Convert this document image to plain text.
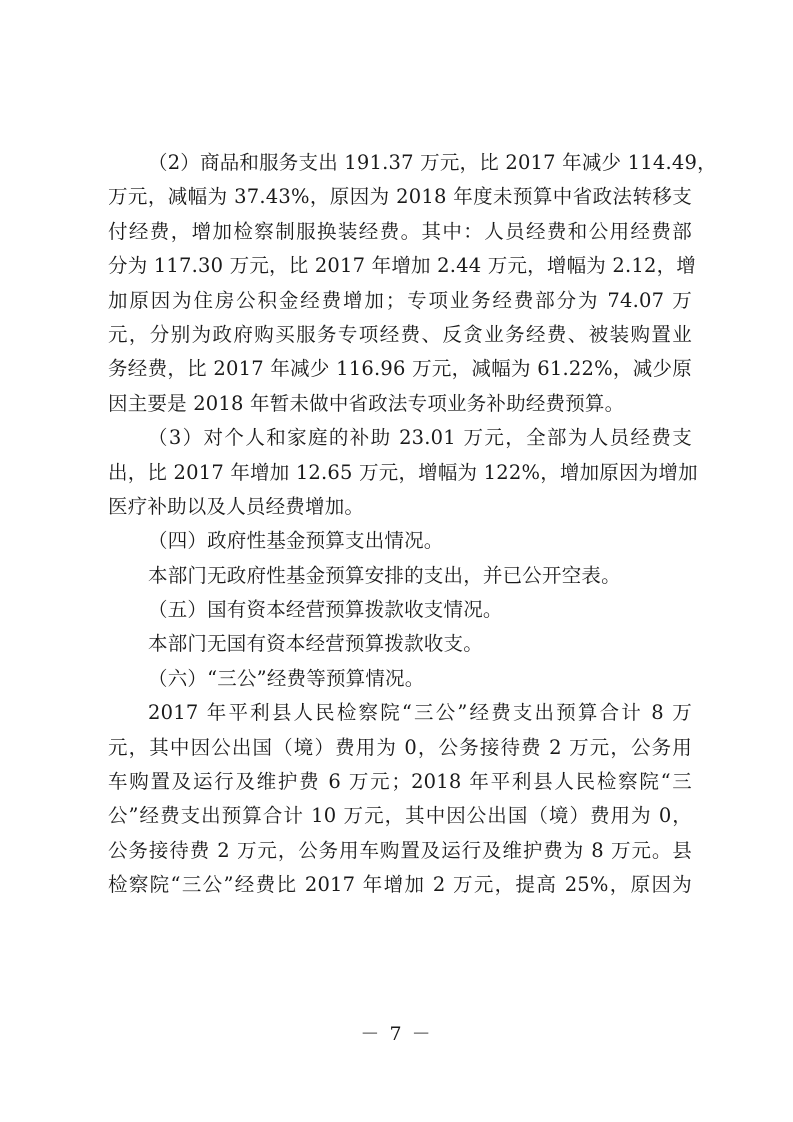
（2）商品和服务支出 191.37 万元，比 2017 年减少 114.49，
万元，减幅为 37.43%，原因为 2018 年度未预算中省政法转移支
付经费，增加检察制服换装经费。其中：人员经费和公用经费部
分为 117.30 万元，比 2017 年增加 2.44 万元，增幅为 2.12，增
加原因为住房公积金经费增加；专项业务经费部分为 74.07 万
元，分别为政府购买服务专项经费、反贪业务经费、被装购置业
务经费，比 2017 年减少 116.96 万元，减幅为 61.22%，减少原
因主要是 2018 年暂未做中省政法专项业务补助经费预算。
（3）对个人和家庭的补助 23.01 万元，全部为人员经费支
出，比 2017 年增加 12.65 万元，增幅为 122%，增加原因为增加
医疗补助以及人员经费增加。
（四）政府性基金预算支出情况。
本部门无政府性基金预算安排的支出，并已公开空表。
（五）国有资本经营预算拨款收支情况。
本部门无国有资本经营预算拨款收支。
（六）“三公”经费等预算情况。
2017 年平利县人民检察院“三公”经费支出预算合计 8 万
元，其中因公出国（境）费用为 0，公务接待费 2 万元，公务用
车购置及运行及维护费 6 万元；2018 年平利县人民检察院“三
公”经费支出预算合计 10 万元，其中因公出国（境）费用为 0，
公务接待费 2 万元，公务用车购置及运行及维护费为 8 万元。县
检察院“三公”经费比 2017 年增加 2 万元，提高 25%，原因为
－ 7 －
